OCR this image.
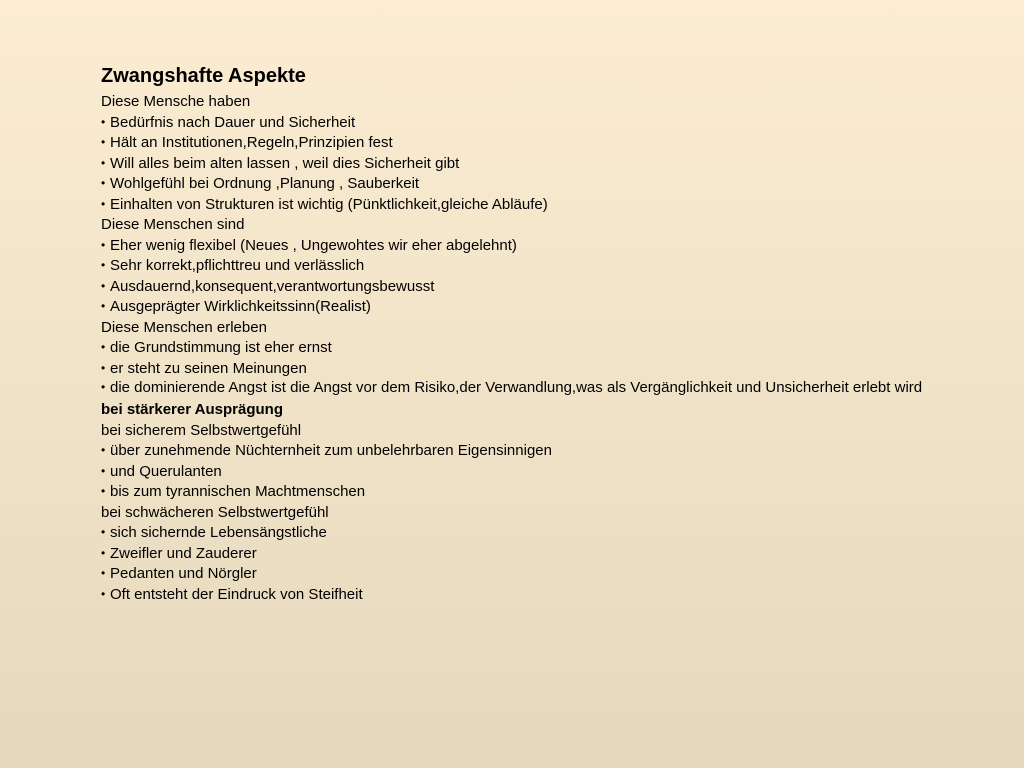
Zwangshafte Aspekte
Diese Mensche haben
• Bedürfnis nach Dauer und Sicherheit
• Hält an Institutionen,Regeln,Prinzipien fest
• Will alles beim alten lassen , weil dies Sicherheit gibt
• Wohlgefühl bei Ordnung ,Planung , Sauberkeit
• Einhalten von Strukturen ist wichtig (Pünktlichkeit,gleiche Abläufe)
Diese Menschen sind
• Eher wenig flexibel (Neues , Ungewohtes wir eher abgelehnt)
• Sehr korrekt,pflichttreu und verlässlich
• Ausdauernd,konsequent,verantwortungsbewusst
• Ausgeprägter Wirklichkeitssinn(Realist)
Diese Menschen erleben
• die Grundstimmung ist eher ernst
• er steht zu seinen Meinungen
• die dominierende Angst ist die Angst vor dem Risiko,der Verwandlung,was als Vergänglichkeit und Unsicherheit erlebt wird
bei stärkerer Ausprägung
bei sicherem Selbstwertgefühl
• über zunehmende Nüchternheit zum unbelehrbaren Eigensinnigen
• und Querulanten
• bis zum tyrannischen Machtmenschen
bei schwächeren Selbstwertgefühl
• sich sichernde Lebensängstliche
• Zweifler und Zauderer
• Pedanten und Nörgler
• Oft entsteht der Eindruck von Steifheit
